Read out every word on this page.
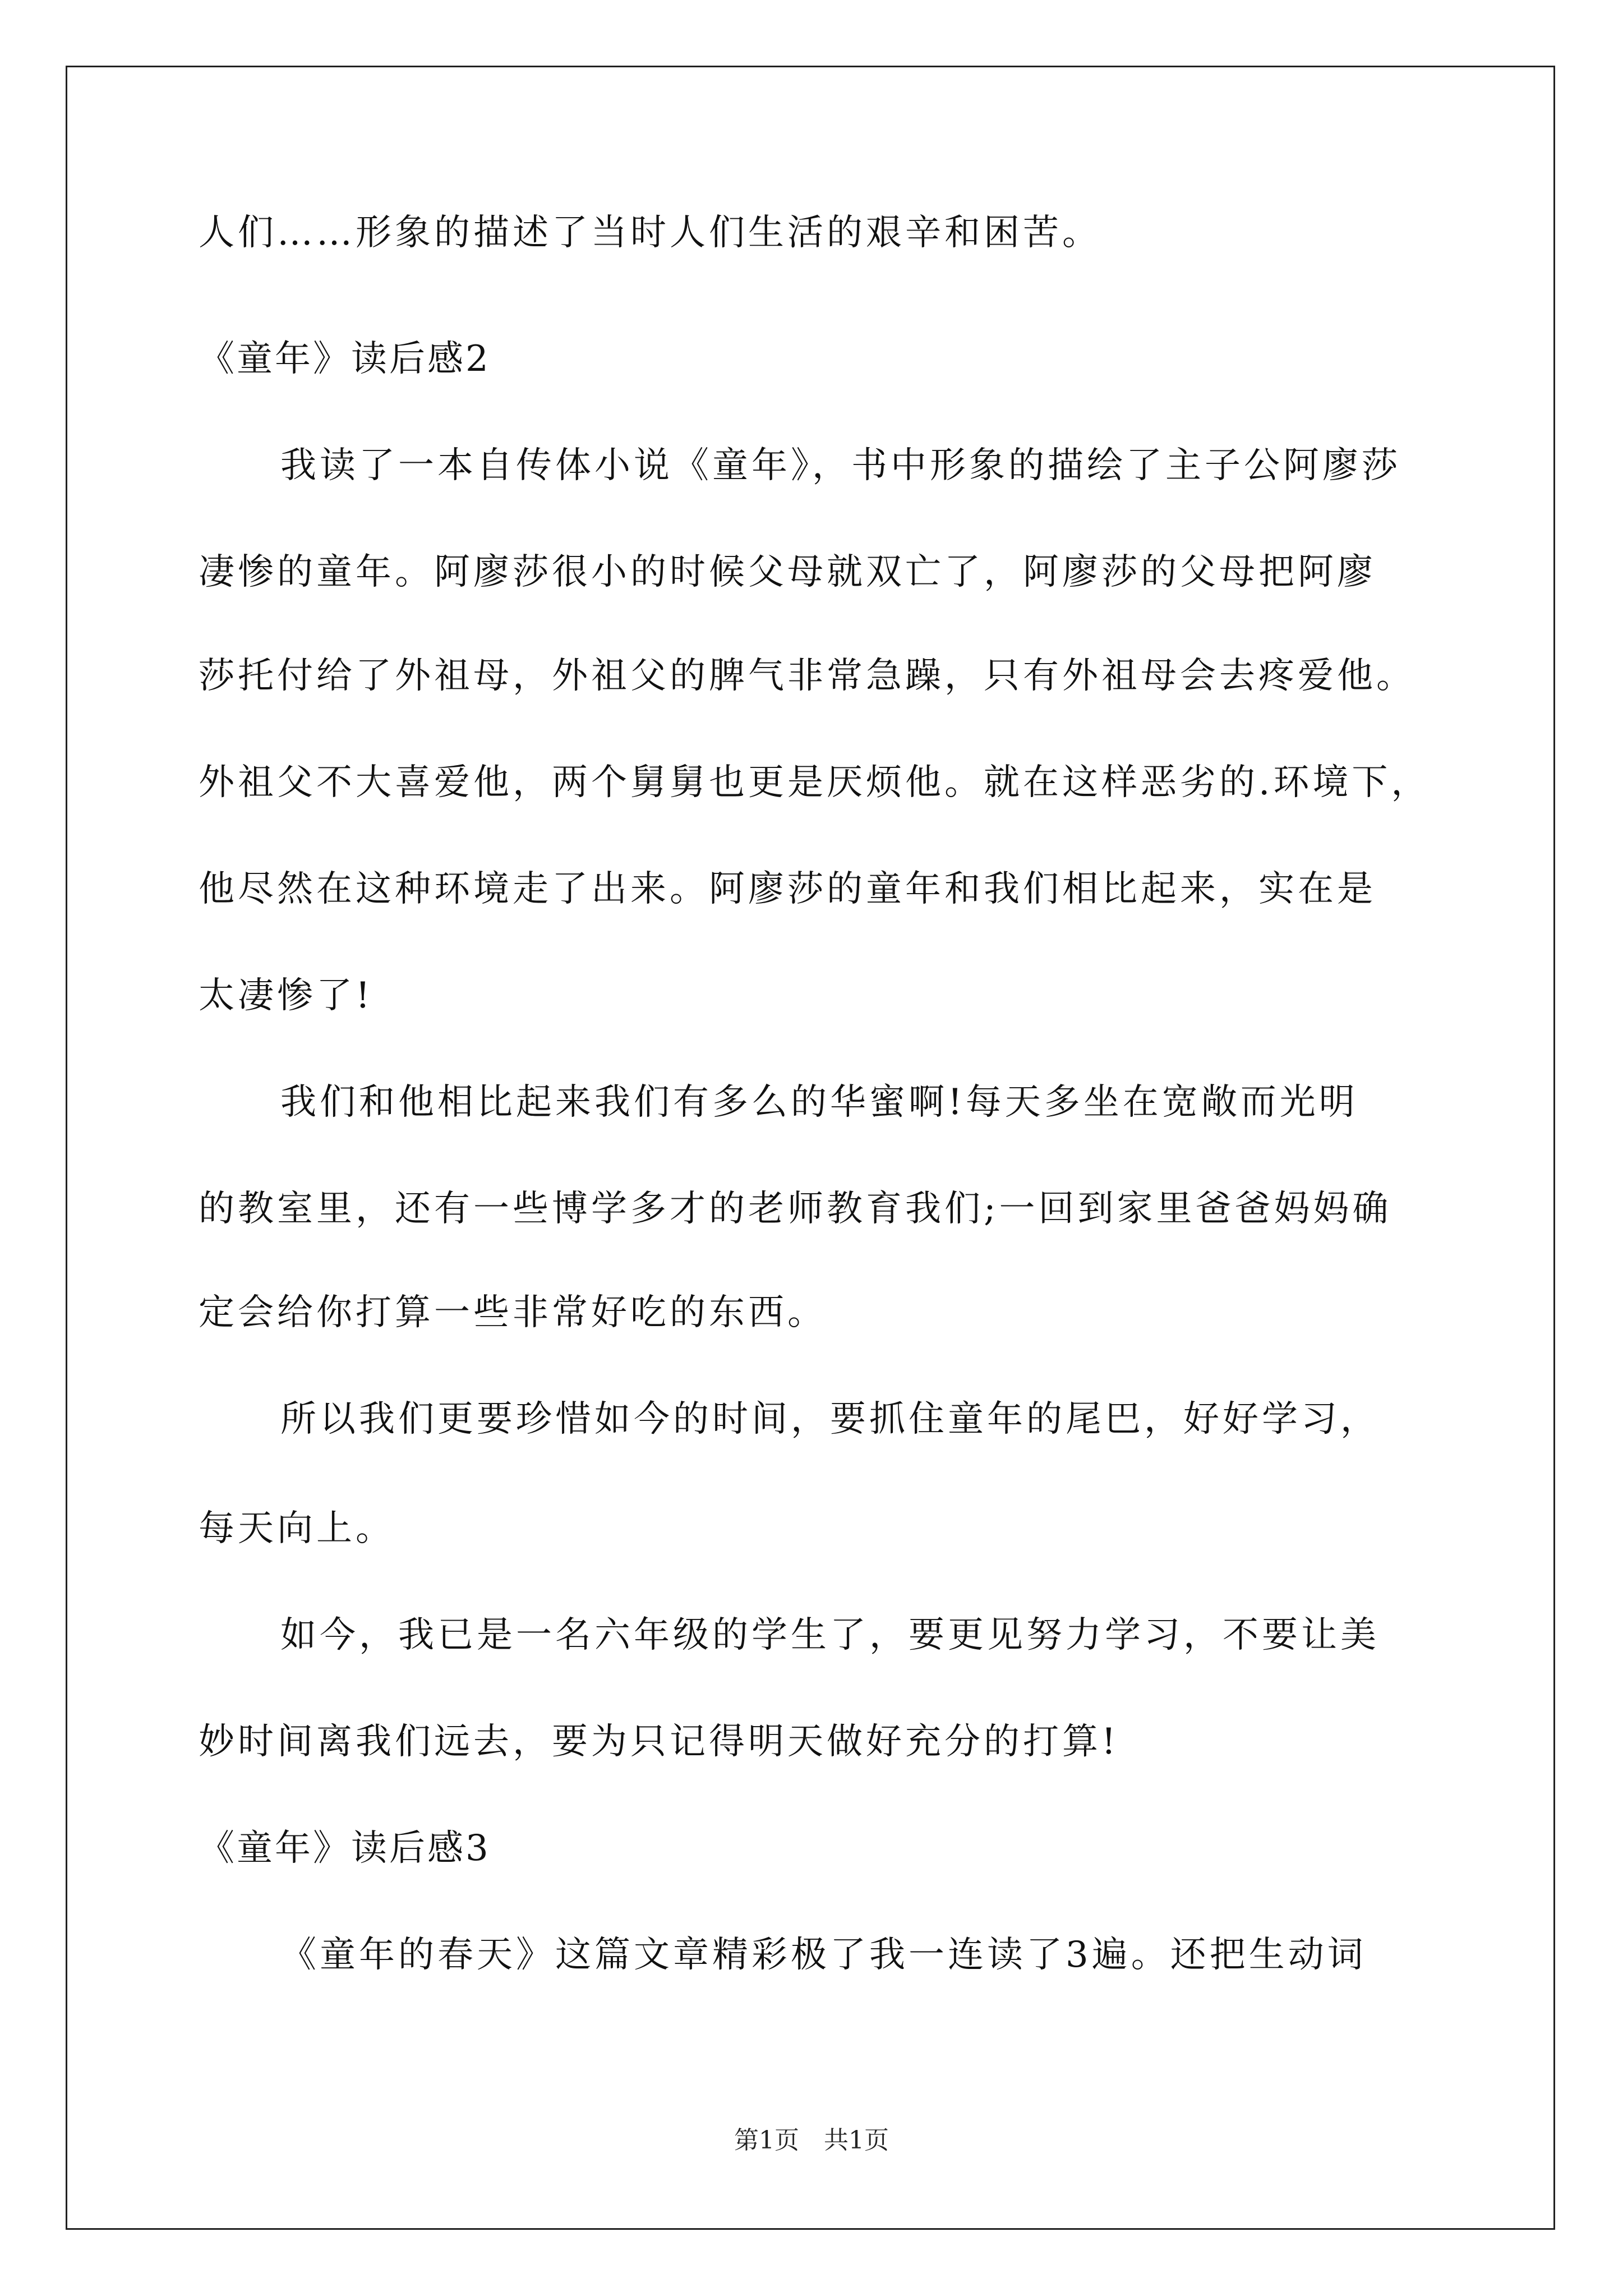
人们……形象的描述了当时人们生活的艰辛和困苦。
《童年》读后感2
我读了一本自传体小说《童年》，书中形象的描绘了主子公阿廖莎
凄惨的童年。阿廖莎很小的时候父母就双亡了，阿廖莎的父母把阿廖
莎托付给了外祖母，外祖父的脾气非常急躁，只有外祖母会去疼爱他。
外祖父不大喜爱他，两个舅舅也更是厌烦他。就在这样恶劣的.环境下，
他尽然在这种环境走了出来。阿廖莎的童年和我们相比起来，实在是
太凄惨了!
我们和他相比起来我们有多么的华蜜啊!每天多坐在宽敞而光明
的教室里，还有一些博学多才的老师教育我们;一回到家里爸爸妈妈确
定会给你打算一些非常好吃的东西。
所以我们更要珍惜如今的时间，要抓住童年的尾巴，好好学习，
每天向上。
如今，我已是一名六年级的学生了，要更见努力学习，不要让美
妙时间离我们远去，要为只记得明天做好充分的打算!
《童年》读后感3
《童年的春天》这篇文章精彩极了我一连读了3遍。还把生动词
第1页　共1页
